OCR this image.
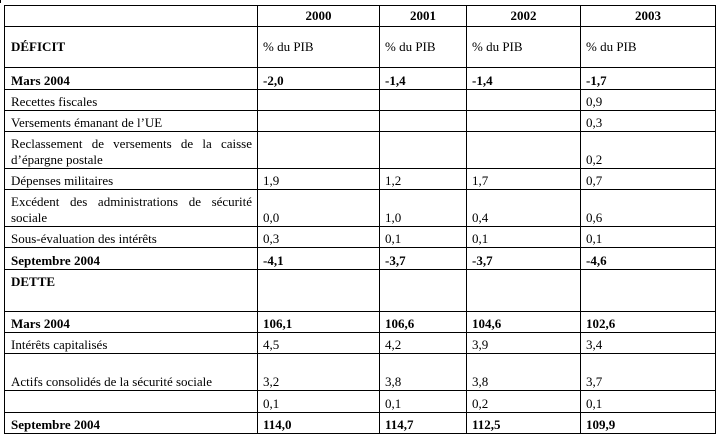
	2000	2001	2002	2003
DÉFICIT	% du PIB	% du PIB	% du PIB	% du PIB
Mars 2004	-2,0	-1,4	-1,4	-1,7
Recettes fiscales				0,9
Versements émanant de l’UE				0,3
Reclassement de versements de la caisse d’épargne postale				0,2
Dépenses militaires	1,9	1,2	1,7	0,7
Excédent des administrations de sécurité sociale	0,0	1,0	0,4	0,6
Sous-évaluation des intérêts	0,3	0,1	0,1	0,1
Septembre 2004	-4,1	-3,7	-3,7	-4,6
DETTE				
Mars 2004	106,1	106,6	104,6	102,6
Intérêts capitalisés	4,5	4,2	3,9	3,4
Actifs consolidés de la sécurité sociale	3,2	3,8	3,8	3,7
	0,1	0,1	0,2	0,1
Septembre 2004	114,0	114,7	112,5	109,9
